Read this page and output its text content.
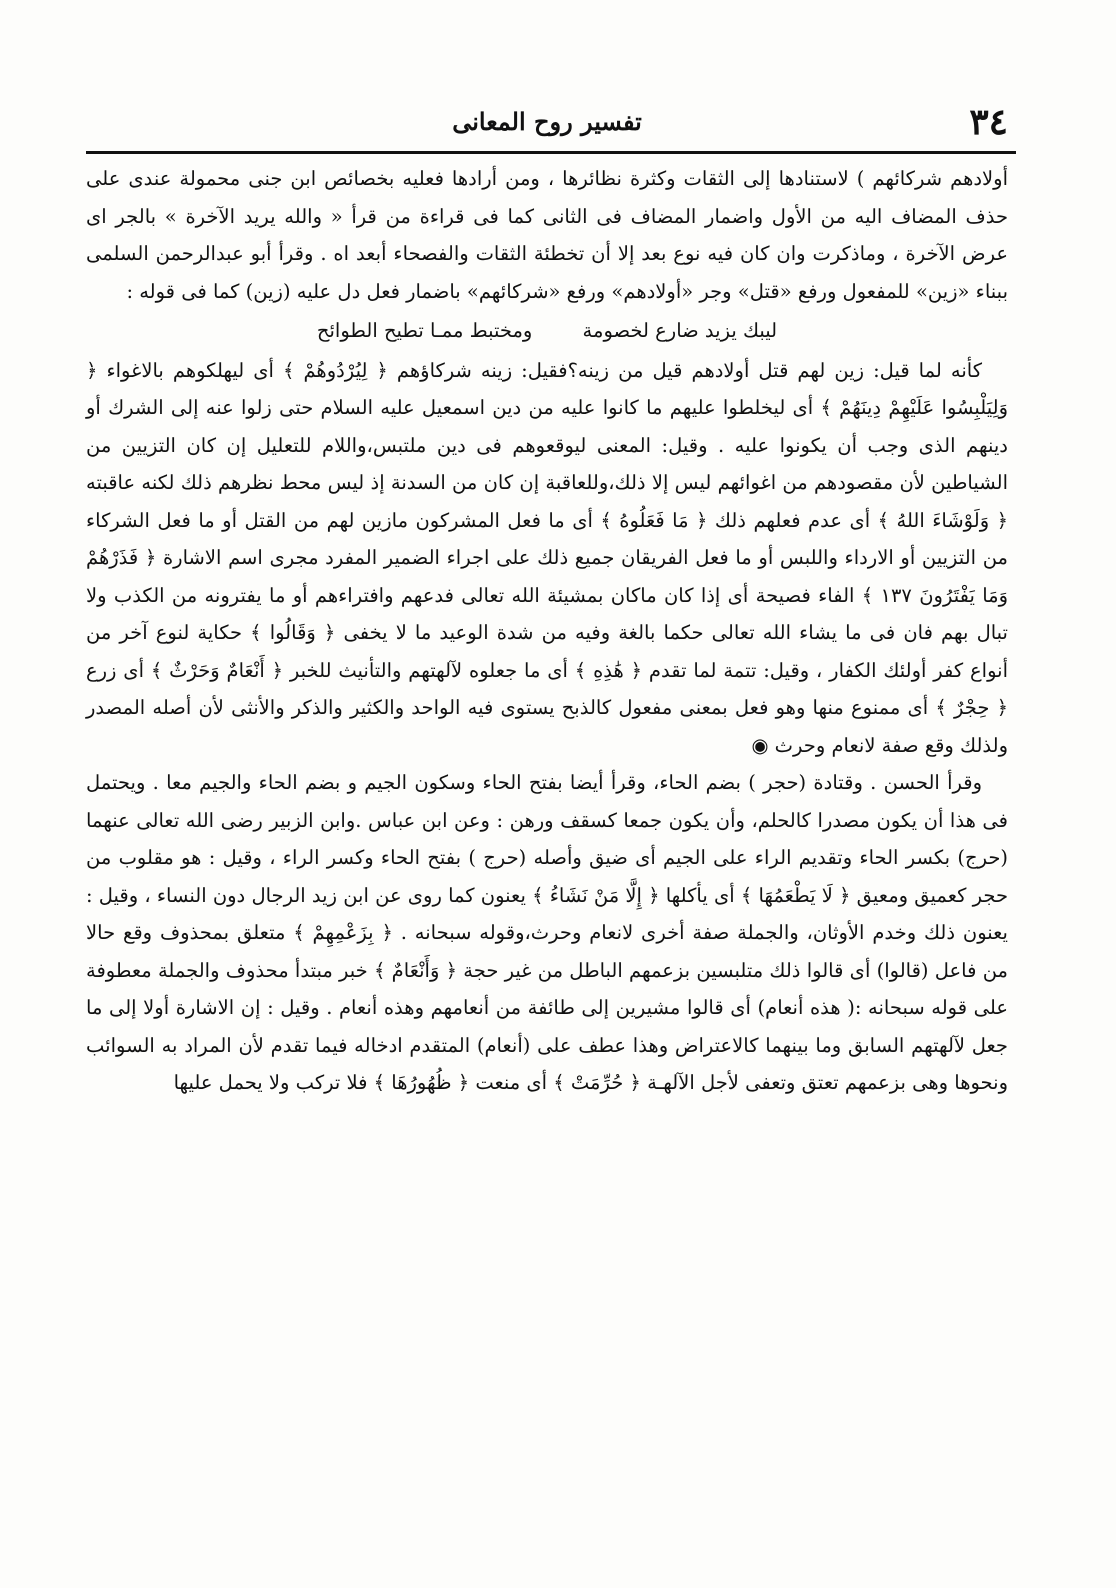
٣٤
تفسير روح المعانى

أولادهم شركائهم ) لاستنادها إلى الثقات وكثرة نظائرها ، ومن أرادها فعليه بخصائص ابن جنى محمولة عندى على حذف المضاف اليه من الأول واضمار المضاف فى الثانى كما فى قراءة من قرأ « والله يريد الآخرة » بالجر اى عرض الآخرة ، وماذكرت وان كان فيه نوع بعد إلا أن تخطئة الثقات والفصحاء أبعد اه . وقرأ أبو عبدالرحمن السلمى ببناء «زين» للمفعول ورفع «قتل» وجر «أولادهم» ورفع «شركائهم» باضمار فعل دل عليه (زين) كما فى قوله :

ليبك يزيد ضارع لخصومة ومختبط ممـا تطيح الطوائح

كأنه لما قيل: زين لهم قتل أولادهم قيل من زينه؟فقيل: زينه شركاؤهم ﴿ لِيُرْدُوهُمْ ﴾ أى ليهلكوهم بالاغواء ﴿ وَلِيَلْبِسُوا عَلَيْهِمْ دِينَهُمْ ﴾ أى ليخلطوا عليهم ما كانوا عليه من دين اسمعيل عليه السلام حتى زلوا عنه إلى الشرك أو دينهم الذى وجب أن يكونوا عليه . وقيل: المعنى ليوقعوهم فى دين ملتبس،واللام للتعليل إن كان التزيين من الشياطين لأن مقصودهم من اغوائهم ليس إلا ذلك،وللعاقبة إن كان من السدنة إذ ليس محط نظرهم ذلك لكنه عاقبته ﴿ وَلَوْشَاءَ اللهُ ﴾ أى عدم فعلهم ذلك ﴿ مَا فَعَلُوهُ ﴾ أى ما فعل المشركون مازين لهم من القتل أو ما فعل الشركاء من التزيين أو الارداء واللبس أو ما فعل الفريقان جميع ذلك على اجراء الضمير المفرد مجرى اسم الاشارة ﴿ فَذَرْهُمْ وَمَا يَفْتَرُونَ ١٣٧ ﴾ الفاء فصيحة أى إذا كان ماكان بمشيئة الله تعالى فدعهم وافتراءهم أو ما يفترونه من الكذب ولا تبال بهم فان فى ما يشاء الله تعالى حكما بالغة وفيه من شدة الوعيد ما لا يخفى ﴿ وَقَالُوا ﴾ حكاية لنوع آخر من أنواع كفر أولئك الكفار ، وقيل: تتمة لما تقدم ﴿ هَٰذِهِ ﴾ أى ما جعلوه لآلهتهم والتأنيث للخبر ﴿ أَنْعَامٌ وَحَرْثٌ ﴾ أى زرع ﴿ حِجْرٌ ﴾ أى ممنوع منها وهو فعل بمعنى مفعول كالذبح يستوى فيه الواحد والكثير والذكر والأنثى لأن أصله المصدر ولذلك وقع صفة لانعام وحرث ◉

وقرأ الحسن . وقتادة (حجر ) بضم الحاء، وقرأ أيضا بفتح الحاء وسكون الجيم و بضم الحاء والجيم معا . ويحتمل فى هذا أن يكون مصدرا كالحلم، وأن يكون جمعا كسقف ورهن : وعن ابن عباس .وابن الزبير رضى الله تعالى عنهما (حرج) بكسر الحاء وتقديم الراء على الجيم أى ضيق وأصله (حرج ) بفتح الحاء وكسر الراء ، وقيل : هو مقلوب من حجر كعميق ومعيق ﴿ لَا يَطْعَمُهَا ﴾ أى يأكلها ﴿ إِلَّا مَنْ نَشَاءُ ﴾ يعنون كما روى عن ابن زيد الرجال دون النساء ، وقيل : يعنون ذلك وخدم الأوثان، والجملة صفة أخرى لانعام وحرث،وقوله سبحانه . ﴿ بِزَعْمِهِمْ ﴾ متعلق بمحذوف وقع حالا من فاعل (قالوا) أى قالوا ذلك متلبسين بزعمهم الباطل من غير حجة ﴿ وَأَنْعَامٌ ﴾ خبر مبتدأ محذوف والجملة معطوفة على قوله سبحانه :( هذه أنعام) أى قالوا مشيرين إلى طائفة من أنعامهم وهذه أنعام . وقيل : إن الاشارة أولا إلى ما جعل لآلهتهم السابق وما بينهما كالاعتراض وهذا عطف على (أنعام) المتقدم ادخاله فيما تقدم لأن المراد به السوائب ونحوها وهى بزعمهم تعتق وتعفى لأجل الآلهـة ﴿ حُرِّمَتْ ﴾ أى منعت ﴿ ظُهُورُهَا ﴾ فلا تركب ولا يحمل عليها
